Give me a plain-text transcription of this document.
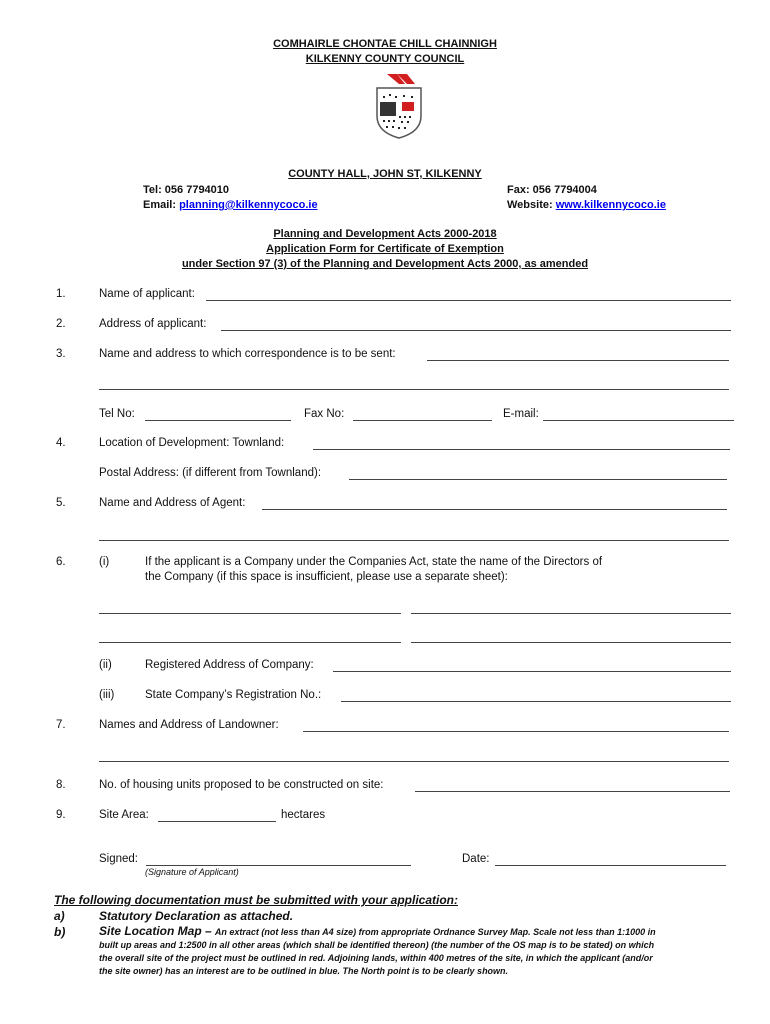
COMHAIRLE CHONTAE CHILL CHAINNIGH
KILKENNY COUNTY COUNCIL
COUNTY HALL, JOHN ST, KILKENNY
Tel: 056 7794010	Fax: 056 7794004
Email: planning@kilkennycoco.ie	Website: www.kilkennycoco.ie
Planning and Development Acts 2000-2018
Application Form for Certificate of Exemption
under Section 97 (3) of the Planning and Development Acts 2000, as amended
1.	Name of applicant:
2.	Address of applicant:
3.	Name and address to which correspondence is to be sent:
Tel No:	Fax No:	E-mail:
4.	Location of Development: Townland:
Postal Address: (if different from Townland):
5.	Name and Address of Agent:
6.	(i)	If the applicant is a Company under the Companies Act, state the name of the Directors of
the Company (if this space is insufficient, please use a separate sheet):
(ii)	Registered Address of Company:
(iii)	State Company’s Registration No.:
7.	Names and Address of Landowner:
8.	No. of housing units proposed to be constructed on site:
9.	Site Area:	hectares
Signed:
(Signature of Applicant)
Date:
The following documentation must be submitted with your application:
a)	Statutory Declaration as attached.
b)	Site Location Map – An extract (not less than A4 size) from appropriate Ordnance Survey Map. Scale not less than 1:1000 in
built up areas and 1:2500 in all other areas (which shall be identified thereon) (the number of the OS map is to be stated) on which
the overall site of the project must be outlined in red. Adjoining lands, within 400 metres of the site, in which the applicant (and/or
the site owner) has an interest are to be outlined in blue. The North point is to be clearly shown.
